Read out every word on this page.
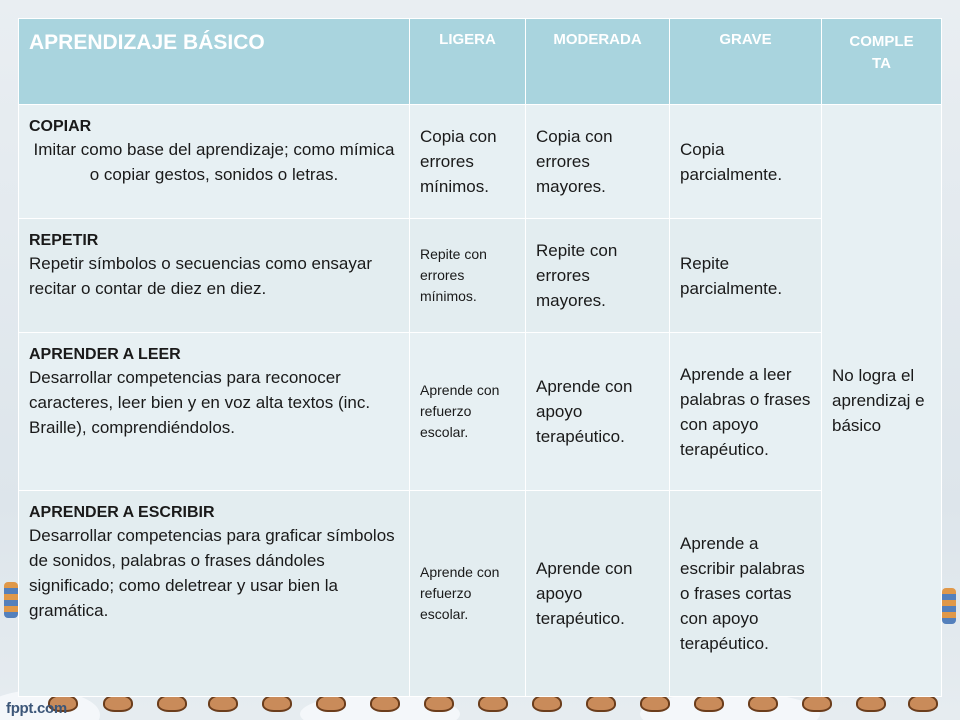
fppt.com
APRENDIZAJE BÁSICO	LIGERA	MODERADA	GRAVE	COMPLE
TA

COPIAR
Imitar como base del aprendizaje; como mímica o copiar gestos, sonidos o letras.	Copia con errores mínimos.	Copia con errores mayores.	Copia parcialmente.	No logra el aprendizaj e básico

REPETIR
Repetir símbolos o secuencias como ensayar recitar o contar de diez en diez.	Repite con errores mínimos.	Repite con errores mayores.	Repite parcialmente.	

APRENDER A LEER
Desarrollar competencias para reconocer caracteres, leer bien y en voz alta textos (inc. Braille), comprendiéndolos.	Aprende con refuerzo escolar.	Aprende con apoyo terapéutico.	Aprende a leer palabras o frases con apoyo terapéutico.	

APRENDER A ESCRIBIR
Desarrollar competencias para graficar símbolos de sonidos, palabras o frases dándoles significado; como deletrear y usar bien la gramática.	Aprende con refuerzo escolar.	Aprende con apoyo terapéutico.	Aprende a escribir palabras o frases cortas con apoyo terapéutico.	
